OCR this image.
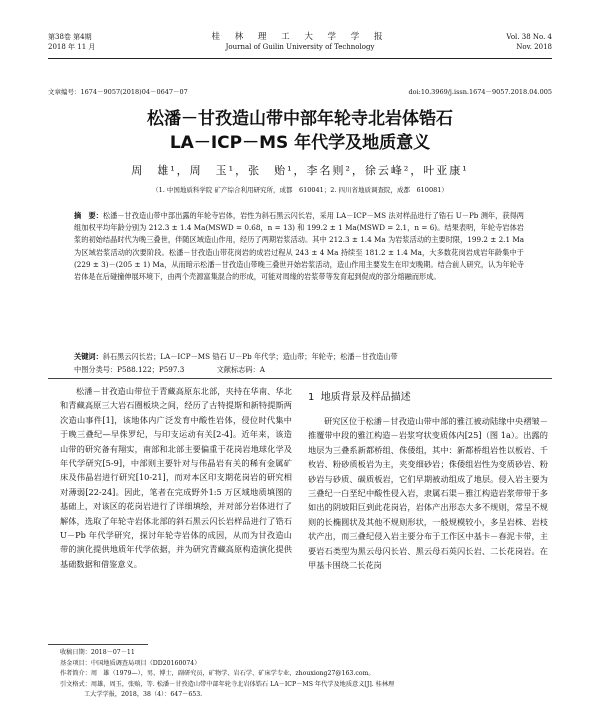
第38卷 第4期
2018 年 11 月
桂 林 理 工 大 学 学 报
Journal of Guilin University of Technology
Vol. 38 No. 4
Nov. 2018
文章编号：1674－9057(2018)04－0647－07	doi:10.3969/j.issn.1674－9057.2018.04.005
松潘－甘孜造山带中部年轮寺北岩体锆石
LA－ICP－MS 年代学及地质意义
周　雄¹，周　玉¹，张　贻¹，李名则²，徐云峰²，叶亚康¹
（1. 中国地质科学院 矿产综合利用研究所，成都　610041；2. 四川省地质调查院，成都　610081）
摘　要：松潘－甘孜造山带中部出露的年轮寺岩体，岩性为斜石黑云闪长岩，采用 LA－ICP－MS 法对样品进行了锆石 U－Pb 测年，获得两组加权平均年龄分别为 212.3 ± 1.4 Ma(MSWD = 0.68，n = 13) 和 199.2 ± 1 Ma(MSWD = 2.1，n = 6)。结果表明，年轮寺岩体岩浆的初始结晶时代为晚三叠世，伴随区域造山作用，经历了两期岩浆活动。其中 212.3 ± 1.4 Ma 为岩浆活动的主要时限，199.2 ± 2.1 Ma 为区域岩浆活动的次要阶段。松潘－甘孜造山带花岗岩的成岩过程从 243 ± 4 Ma 持续至 181.2 ± 1.4 Ma，大多数花岗岩成岩年龄集中于(229 ± 3)－(205 ± 1) Ma，从而暗示松潘－甘孜造山带晚三叠世开始岩浆活动，造山作用主要发生在印支晚期。结合前人研究，认为年轮寺岩体是在后碰撞伸展环境下，由两个壳源富集混合的形成，可能对周缘的岩浆带等发育起到促成的部分熔融而形成。
关键词：斜石黑云闪长岩；LA－ICP－MS 锆石 U－Pb 年代学；造山带；年轮寺；松潘－甘孜造山带
中图分类号：P588.122；P597.3	文献标志码：A
松潘－甘孜造山带位于青藏高原东北部，夹持在华南、华北和青藏高原三大岩石圈板块之间，经历了古特提斯和新特提斯两次造山事件[1]，该地体内广泛发育中酸性岩体，侵位时代集中于晚三叠纪—早侏罗纪，与印支运动有关[2-4]。近年来，该造山带的研究备有翔实，南部和北部主要偏重于花岗岩地球化学及年代学研究[5-9]，中部则主要针对与伟晶岩有关的稀有金属矿床及伟晶岩进行研究[10-21]，而对本区印支期花岗岩的研究相对薄弱[22-24]。因此，笔者在完成野外1:5 万区域地质填图的基础上，对该区的花岗岩进行了详细填绘，并对部分岩体进行了解体，选取了年轮寺岩体北部的斜石黑云闪长岩样品进行了锆石 U－Pb 年代学研究，探讨年轮寺岩体的成因，从而为甘孜造山带的演化提供地质年代学依据，并为研究青藏高原构造演化提供基础数据和借鉴意义。
1 地质背景及样品描述
研究区位于松潘－甘孜造山带中部的雅江被动陆缘中央褶皱－推覆带中段的雅江构造－岩浆穹状变质体内[25]（图 1a）。出露的地层为三叠系新都桥组、侏倭组，其中：新都桥组岩性以板岩、千枚岩、粉砂质板岩为主，夹变细砂岩；侏倭组岩性为变质砂岩、粉砂岩与砂质、碳质板岩，它们早期被动组成了地层。侵入岩主要为三叠纪一白垩纪中酸性侵入岩，隶属石渠－雅江构造岩浆带带于多如出的阴坡阳巨到此花岗岩，岩体产出形态大多不规则，常呈不规则的长椭圆状及其他不规则形状，一般规模较小，多呈岩株、岩枝状产出，而三叠纪侵入岩主要分布于工作区中基卡－春泥卡带，主要岩石类型为黑云母闪长岩、黑云母石英闪长岩、二长花岗岩。在甲基卡围绕二长花岗
收稿日期：2018－07－11
基金项目：中国地质调查局项目（DD20160074）
作者简介：周　雄（1979—），男，博士，副研究员，矿物学、岩石学、矿床学专业，zhouxiong27@163.com。
引文格式：周雄，周玉，张贻，等. 松潘－甘孜造山带中部年轮寺北岩体锆石 LA－ICP－MS 年代学及地质意义[J]. 桂林理
工大学学报，2018，38（4）：647－653.
